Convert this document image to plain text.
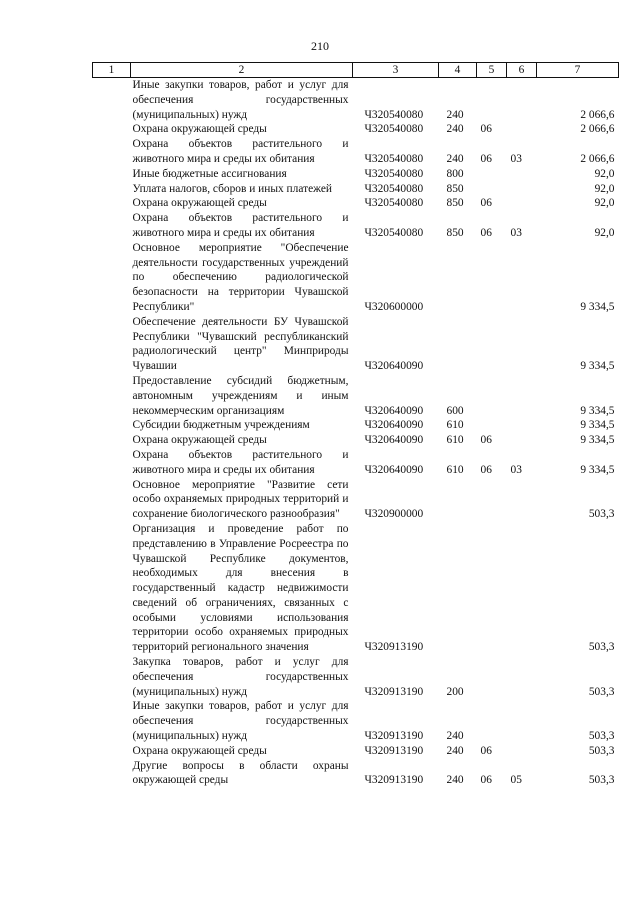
210
1	2	3	4	5	6	7
	Иные закупки товаров, работ и услуг для обеспечения государственных (муниципальных) нужд	Ч320540080	240			2 066,6
	Охрана окружающей среды	Ч320540080	240	06		2 066,6
	Охрана объектов растительного и животного мира и среды их обитания	Ч320540080	240	06	03	2 066,6
	Иные бюджетные ассигнования	Ч320540080	800			92,0
	Уплата налогов, сборов и иных платежей	Ч320540080	850			92,0
	Охрана окружающей среды	Ч320540080	850	06		92,0
	Охрана объектов растительного и животного мира и среды их обитания	Ч320540080	850	06	03	92,0
	Основное мероприятие "Обеспечение деятельности государственных учреждений по обеспечению радиологической безопасности на территории Чувашской Республики"	Ч320600000				9 334,5
	Обеспечение деятельности БУ Чувашской Республики "Чувашский республиканский радиологический центр" Минприроды Чувашии	Ч320640090				9 334,5
	Предоставление субсидий бюджетным, автономным учреждениям и иным некоммерческим организациям	Ч320640090	600			9 334,5
	Субсидии бюджетным учреждениям	Ч320640090	610			9 334,5
	Охрана окружающей среды	Ч320640090	610	06		9 334,5
	Охрана объектов растительного и животного мира и среды их обитания	Ч320640090	610	06	03	9 334,5
	Основное мероприятие "Развитие сети особо охраняемых природных территорий и сохранение биологического разнообразия"	Ч320900000				503,3
	Организация и проведение работ по представлению в Управление Росреестра по Чувашской Республике документов, необходимых для внесения в государственный кадастр недвижимости сведений об ограничениях, связанных с особыми условиями использования территории особо охраняемых природных территорий регионального значения	Ч320913190				503,3
	Закупка товаров, работ и услуг для обеспечения государственных (муниципальных) нужд	Ч320913190	200			503,3
	Иные закупки товаров, работ и услуг для обеспечения государственных (муниципальных) нужд	Ч320913190	240			503,3
	Охрана окружающей среды	Ч320913190	240	06		503,3
	Другие вопросы в области охраны окружающей среды	Ч320913190	240	06	05	503,3
